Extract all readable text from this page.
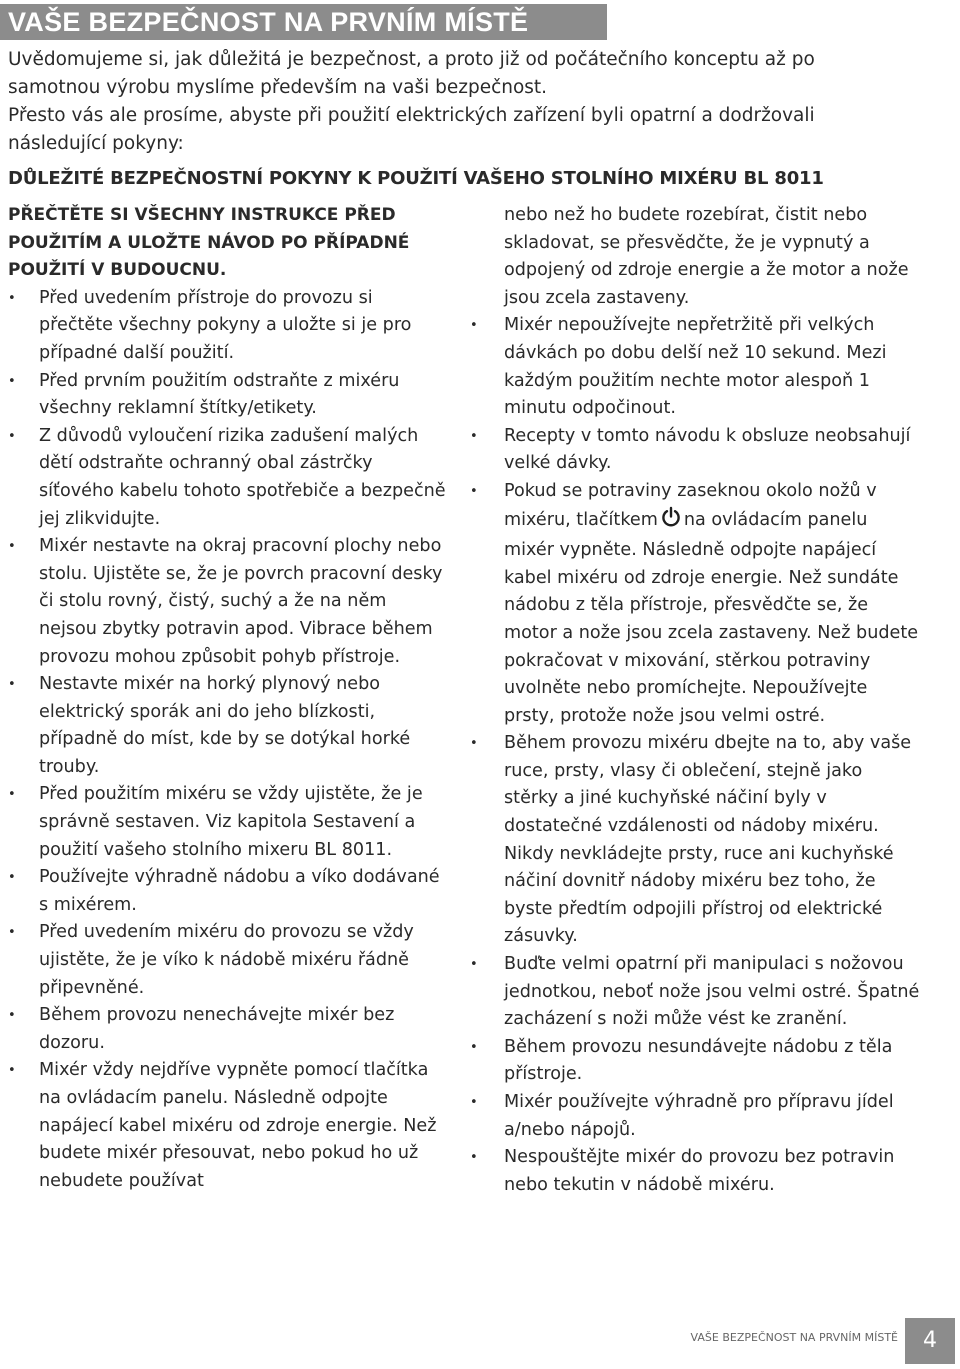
VAŠE BEZPEČNOST NA PRVNÍM MÍSTĚ

Uvědomujeme si, jak důležitá je bezpečnost, a proto již od počátečního konceptu až po samotnou výrobu myslíme především na vaši bezpečnost.

Přesto vás ale prosíme, abyste při použití elektrických zařízení byli opatrní a dodržovali následující pokyny:

DŮLEŽITÉ BEZPEČNOSTNÍ POKYNY K POUŽITÍ VAŠEHO STOLNÍHO MIXÉRU BL 8011

PŘEČTĚTE SI VŠECHNY INSTRUKCE PŘED POUŽITÍM A ULOŽTE NÁVOD PO PŘÍPADNÉ POUŽITÍ V BUDOUCNU.

• Před uvedením přístroje do provozu si přečtěte všechny pokyny a uložte si je pro případné další použití.
• Před prvním použitím odstraňte z mixéru všechny reklamní štítky/etikety.
• Z důvodů vyloučení rizika zadušení malých dětí odstraňte ochranný obal zástrčky síťového kabelu tohoto spotřebiče a bezpečně jej zlikvidujte.
• Mixér nestavte na okraj pracovní plochy nebo stolu. Ujistěte se, že je povrch pracovní desky či stolu rovný, čistý, suchý a že na něm nejsou zbytky potravin apod. Vibrace během provozu mohou způsobit pohyb přístroje.
• Nestavte mixér na horký plynový nebo elektrický sporák ani do jeho blízkosti, případně do míst, kde by se dotýkal horké trouby.
• Před použitím mixéru se vždy ujistěte, že je správně sestaven. Viz kapitola Sestavení a použití vašeho stolního mixeru BL 8011.
• Používejte výhradně nádobu a víko dodávané s mixérem.
• Před uvedením mixéru do provozu se vždy ujistěte, že je víko k nádobě mixéru řádně připevněné.
• Během provozu nenechávejte mixér bez dozoru.
• Mixér vždy nejdříve vypněte pomocí tlačítka na ovládacím panelu. Následně odpojte napájecí kabel mixéru od zdroje energie. Než budete mixér přesouvat, nebo pokud ho už nebudete používat

nebo než ho budete rozebírat, čistit nebo skladovat, se přesvědčte, že je vypnutý a odpojený od zdroje energie a že motor a nože jsou zcela zastaveny.

• Mixér nepoužívejte nepřetržitě při velkých dávkách po dobu delší než 10 sekund. Mezi každým použitím nechte motor alespoň 1 minutu odpočinout.
• Recepty v tomto návodu k obsluze neobsahují velké dávky.
• Pokud se potraviny zaseknou okolo nožů v mixéru, tlačítkem na ovládacím panelu mixér vypněte. Následně odpojte napájecí kabel mixéru od zdroje energie. Než sundáte nádobu z těla přístroje, přesvědčte se, že motor a nože jsou zcela zastaveny. Než budete pokračovat v mixování, stěrkou potraviny uvolněte nebo promíchejte. Nepoužívejte prsty, protože nože jsou velmi ostré.
• Během provozu mixéru dbejte na to, aby vaše ruce, prsty, vlasy či oblečení, stejně jako stěrky a jiné kuchyňské náčiní byly v dostatečné vzdálenosti od nádoby mixéru. Nikdy nevkládejte prsty, ruce ani kuchyňské náčiní dovnitř nádoby mixéru bez toho, že byste předtím odpojili přístroj od elektrické zásuvky.
• Buďte velmi opatrní při manipulaci s nožovou jednotkou, neboť nože jsou velmi ostré. Špatné zacházení s noži může vést ke zranění.
• Během provozu nesundávejte nádobu z těla přístroje.
• Mixér používejte výhradně pro přípravu jídel a/nebo nápojů.
• Nespouštějte mixér do provozu bez potravin nebo tekutin v nádobě mixéru.
VAŠE BEZPEČNOST NA PRVNÍM MÍSTĚ	4
